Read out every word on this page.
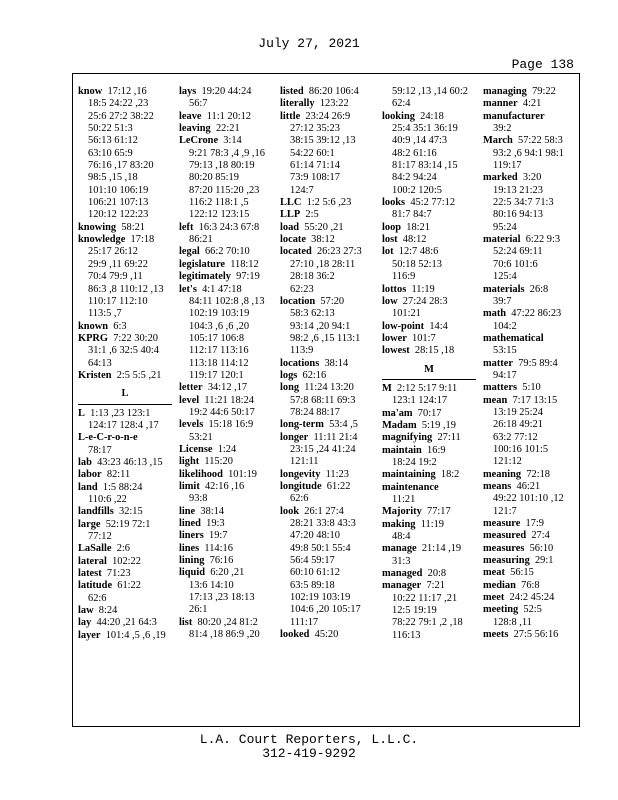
July 27, 2021
Page 138
know  17:12 ,16
18:5 24:22 ,23
25:6 27:2 38:22
50:22 51:3
56:13 61:12
63:10 65:9
76:16 ,17 83:20
98:5 ,15 ,18
101:10 106:19
106:21 107:13
120:12 122:23
knowing  58:21
knowledge  17:18
25:17 26:12
29:9 ,11 69:22
70:4 79:9 ,11
86:3 ,8 110:12 ,13
110:17 112:10
113:5 ,7
known  6:3
KPRG  7:22 30:20
31:1 ,6 32:5 40:4
64:13
Kristen  2:5 5:5 ,21
L
L  1:13 ,23 123:1
124:17 128:4 ,17
L-e-C-r-o-n-e
78:17
lab  43:23 46:13 ,15
labor  82:11
land  1:5 88:24
110:6 ,22
landfills  32:15
large  52:19 72:1
77:12
LaSalle  2:6
lateral  102:22
latest  71:23
latitude  61:22
62:6
law  8:24
lay  44:20 ,21 64:3
layer  101:4 ,5 ,6 ,19
lays  19:20 44:24
56:7
leave  11:1 20:12
leaving  22:21
LeCrone  3:14
9:21 78:3 ,4 ,9 ,16
79:13 ,18 80:19
80:20 85:19
87:20 115:20 ,23
116:2 118:1 ,5
122:12 123:15
left  16:3 24:3 67:8
86:21
legal  66:2 70:10
legislature  118:12
legitimately  97:19
let's  4:1 47:18
84:11 102:8 ,8 ,13
102:19 103:19
104:3 ,6 ,6 ,20
105:17 106:8
112:17 113:16
113:18 114:12
119:17 120:1
letter  34:12 ,17
level  11:21 18:24
19:2 44:6 50:17
levels  15:18 16:9
53:21
License  1:24
light  115:20
likelihood  101:19
limit  42:16 ,16
93:8
line  38:14
lined  19:3
liners  19:7
lines  114:16
lining  76:16
liquid  6:20 ,21
13:6 14:10
17:13 ,23 18:13
26:1
list  80:20 ,24 81:2
81:4 ,18 86:9 ,20
listed  86:20 106:4
literally  123:22
little  23:24 26:9
27:12 35:23
38:15 39:12 ,13
54:22 60:1
61:14 71:14
73:9 108:17
124:7
LLC  1:2 5:6 ,23
LLP  2:5
load  55:20 ,21
locate  38:12
located  26:23 27:3
27:10 ,18 28:11
28:18 36:2
62:23
location  57:20
58:3 62:13
93:14 ,20 94:1
98:2 ,6 ,15 113:1
113:9
locations  38:14
logs  62:16
long  11:24 13:20
57:8 68:11 69:3
78:24 88:17
long-term  53:4 ,5
longer  11:11 21:4
23:15 ,24 41:24
121:11
longevity  11:23
longitude  61:22
62:6
look  26:1 27:4
28:21 33:8 43:3
47:20 48:10
49:8 50:1 55:4
56:4 59:17
60:10 61:12
63:5 89:18
102:19 103:19
104:6 ,20 105:17
111:17
looked  45:20
59:12 ,13 ,14 60:2
62:4
looking  24:18
25:4 35:1 36:19
40:9 ,14 47:3
48:2 61:16
81:17 83:14 ,15
84:2 94:24
100:2 120:5
looks  45:2 77:12
81:7 84:7
loop  18:21
lost  48:12
lot  12:7 48:6
50:18 52:13
116:9
lottos  11:19
low  27:24 28:3
101:21
low-point  14:4
lower  101:7
lowest  28:15 ,18
M
M  2:12 5:17 9:11
123:1 124:17
ma'am  70:17
Madam  5:19 ,19
magnifying  27:11
maintain  16:9
18:24 19:2
maintaining  18:2
maintenance
11:21
Majority  77:17
making  11:19
48:4
manage  21:14 ,19
31:3
managed  20:8
manager  7:21
10:22 11:17 ,21
12:5 19:19
78:22 79:1 ,2 ,18
116:13
managing  79:22
manner  4:21
manufacturer
39:2
March  57:22 58:3
93:2 ,6 94:1 98:1
119:17
marked  3:20
19:13 21:23
22:5 34:7 71:3
80:16 94:13
95:24
material  6:22 9:3
52:24 69:11
70:6 101:6
125:4
materials  26:8
39:7
math  47:22 86:23
104:2
mathematical
53:15
matter  79:5 89:4
94:17
matters  5:10
mean  7:17 13:15
13:19 25:24
26:18 49:21
63:2 77:12
100:16 101:5
121:12
meaning  72:18
means  46:21
49:22 101:10 ,12
121:7
measure  17:9
measured  27:4
measures  56:10
measuring  29:1
meat  56:15
median  76:8
meet  24:2 45:24
meeting  52:5
128:8 ,11
meets  27:5 56:16
L.A. Court Reporters, L.L.C.
312-419-9292
